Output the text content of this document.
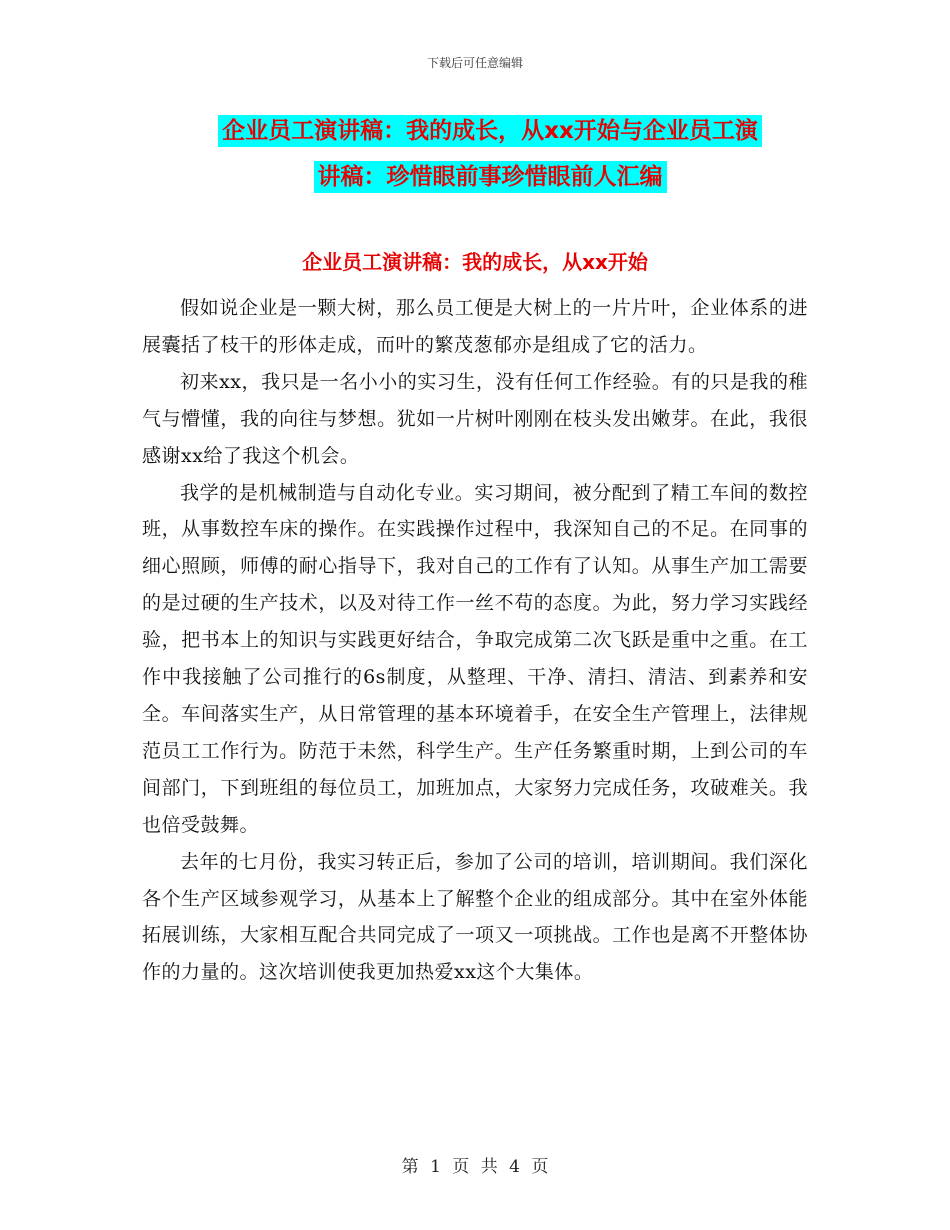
下载后可任意编辑
企业员工演讲稿：我的成长，从xx开始与企业员工演
讲稿：珍惜眼前事珍惜眼前人汇编
企业员工演讲稿：我的成长，从xx开始

假如说企业是一颗大树，那么员工便是大树上的一片片叶，企业体系的进展囊括了枝干的形体走成，而叶的繁茂葱郁亦是组成了它的活力。

初来xx，我只是一名小小的实习生，没有任何工作经验。有的只是我的稚气与懵懂，我的向往与梦想。犹如一片树叶刚刚在枝头发出嫩芽。在此，我很感谢xx给了我这个机会。

我学的是机械制造与自动化专业。实习期间，被分配到了精工车间的数控班，从事数控车床的操作。在实践操作过程中，我深知自己的不足。在同事的细心照顾，师傅的耐心指导下，我对自己的工作有了认知。从事生产加工需要的是过硬的生产技术，以及对待工作一丝不苟的态度。为此，努力学习实践经验，把书本上的知识与实践更好结合，争取完成第二次飞跃是重中之重。在工作中我接触了公司推行的6s制度，从整理、干净、清扫、清洁、到素养和安全。车间落实生产，从日常管理的基本环境着手，在安全生产管理上，法律规范员工工作行为。防范于未然，科学生产。生产任务繁重时期，上到公司的车间部门，下到班组的每位员工，加班加点，大家努力完成任务，攻破难关。我也倍受鼓舞。

去年的七月份，我实习转正后，参加了公司的培训，培训期间。我们深化各个生产区域参观学习，从基本上了解整个企业的组成部分。其中在室外体能拓展训练，大家相互配合共同完成了一项又一项挑战。工作也是离不开整体协作的力量的。这次培训使我更加热爱xx这个大集体。

第 1 页 共 4 页
